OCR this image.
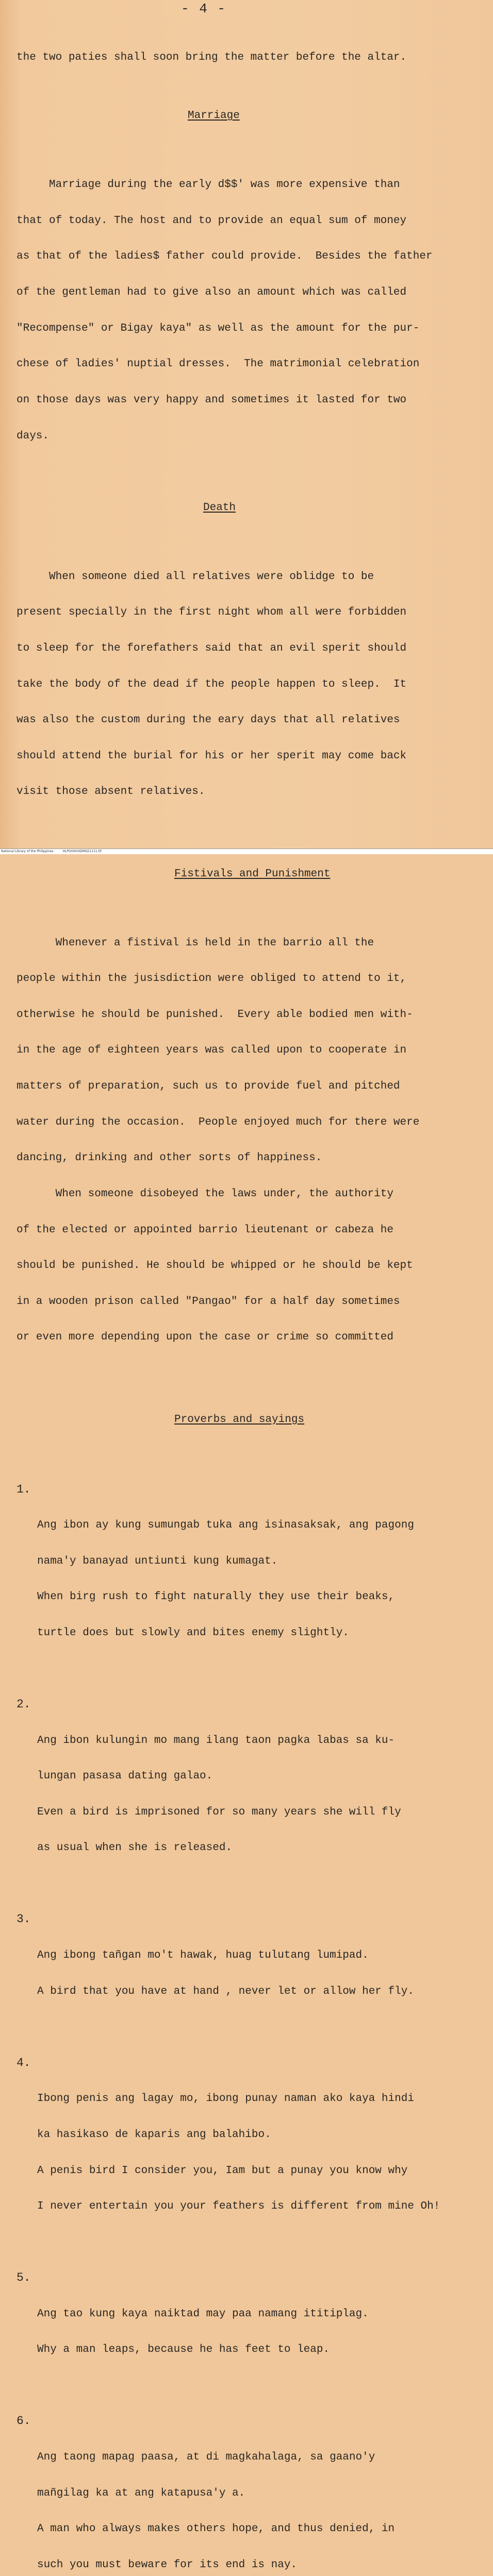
- 4 -

the two paties shall soon bring the matter before the altar.

Marriage

Marriage during the early d$$' was more expensive than

that of today. The host and to provide an equal sum of money

as that of the ladies$ father could provide.  Besides the father

of the gentleman had to give also an amount which was called

"Recompense" or Bigay kaya" as well as the amount for the pur-

chese of ladies' nuptial dresses.  The matrimonial celebration

on those days was very happy and sometimes it lasted for two

days.

Death

When someone died all relatives were oblidge to be

present specially in the first night whom all were forbidden

to sleep for the forefathers said that an evil sperit should

take the body of the dead if the people happen to sleep.  It

was also the custom during the eary days that all relatives

should attend the burial for his or her sperit may come back

visit those absent relatives.

Fistivals and Punishment

Whenever a fistival is held in the barrio all the

people within the jusisdiction were obliged to attend to it,

otherwise he should be punished.  Every able bodied men with-

in the age of eighteen years was called upon to cooperate in

matters of preparation, such us to provide fuel and pitched

water during the occasion.  People enjoyed much for there were

dancing, drinking and other sorts of happiness.

When someone disobeyed the laws under, the authority

of the elected or appointed barrio lieutenant or cabeza he

should be punished. He should be whipped or he should be kept

in a wooden prison called "Pangao" for a half day sometimes

or even more depending upon the case or crime so committed

Proverbs and sayings

1.

Ang ibon ay kung sumungab tuka ang isinasaksak, ang pagong

nama'y banayad untiunti kung kumagat.

When birg rush to fight naturally they use their beaks,

turtle does but slowly and bites enemy slightly.

2.

Ang ibon kulungin mo mang ilang taon pagka labas sa ku-

lungan pasasa dating galao.

Even a bird is imprisoned for so many years she will fly

as usual when she is released.

3.

Ang ibong tañgan mo't hawak, huag tulutang lumipad.

A bird that you have at hand , never let or allow her fly.

4.

Ibong penis ang lagay mo, ibong punay naman ako kaya hindi

ka hasikaso de kaparis ang balahibo.

A penis bird I consider you, Iam but a punay you know why

I never entertain you your feathers is different from mine Oh!

5.

Ang tao kung kaya naiktad may paa namang ititiplag.

Why a man leaps, because he has feet to leap.

6.

Ang taong mapag paasa, at di magkahalaga, sa gaano'y

mañgilag ka at ang katapusa'y a.

A man who always makes others hope, and thus denied, in

such you must beware for its end is nay.

National Library of the Philippines	HLPOOHUSDMQ51111.tif
